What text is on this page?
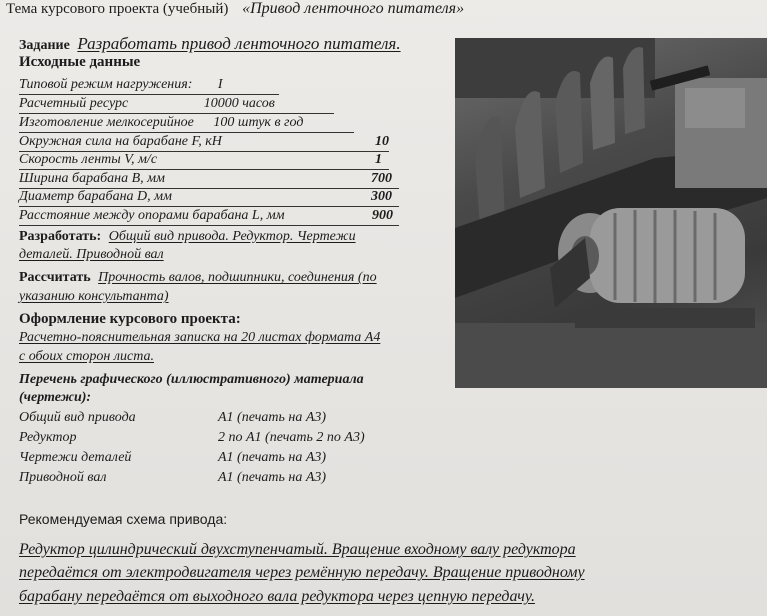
Тема курсового проекта (учебный) «Привод ленточного питателя»
Задание Разработать привод ленточного питателя.
Исходные данные
Типовой режим нагружения: I
Расчетный ресурс	10000 часов
Изготовление мелкосерийное 100 штук в год
Окружная сила на барабане F, кН	10
Скорость ленты V, м/с	1
Ширина барабана B, мм	700
Диаметр барабана D, мм	300
Расстояние между опорами барабана L, мм	900
Разработать: Общий вид привода. Редуктор. Чертежи
деталей. Приводной вал
Рассчитать Прочность валов, подшипники, соединения (по
указанию консультанта)
Оформление курсового проекта:
Расчетно-пояснительная записка на 20 листах формата А4
с обоих сторон листа.
Перечень графического (иллюстративного) материала
(чертежи):
Общий вид привода	А1 (печать на А3)
Редуктор	2 по А1 (печать 2 по А3)
Чертежи деталей	А1 (печать на А3)
Приводной вал	А1 (печать на А3)
Рекомендуемая схема привода:
Редуктор цилиндрический двухступенчатый. Вращение входному валу редуктора
передаётся от электродвигателя через ремённую передачу. Вращение приводному
барабану передаётся от выходного вала редуктора через цепную передачу.
